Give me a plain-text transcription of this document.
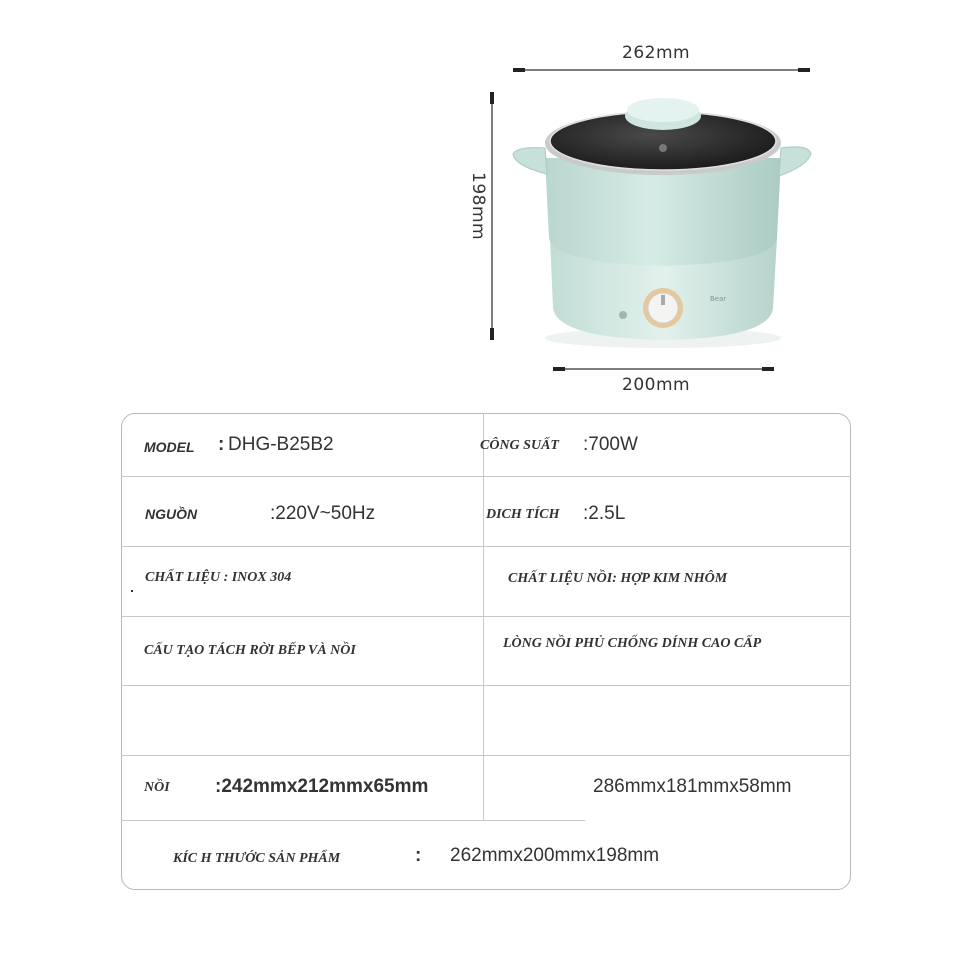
262mm
198mm
Bear
200mm
MODEL : DHG-B25B2	CÔNG SUẤT :700W
NGUỒN	:220V~50Hz	DICH TÍCH :2.5L
CHẤT LIỆU : INOX 304	CHẤT LIỆU NỒI: HỢP KIM NHÔM
CẤU TẠO TÁCH RỜI BẾP VÀ NỒI	LÒNG NỒI PHỦ CHỐNG DÍNH CAO CẤP
NỒI :242mmx212mmx65mm	286mmx181mmx58mm
KÍC H THƯỚC SẢN PHẨM	: 262mmx200mmx198mm
